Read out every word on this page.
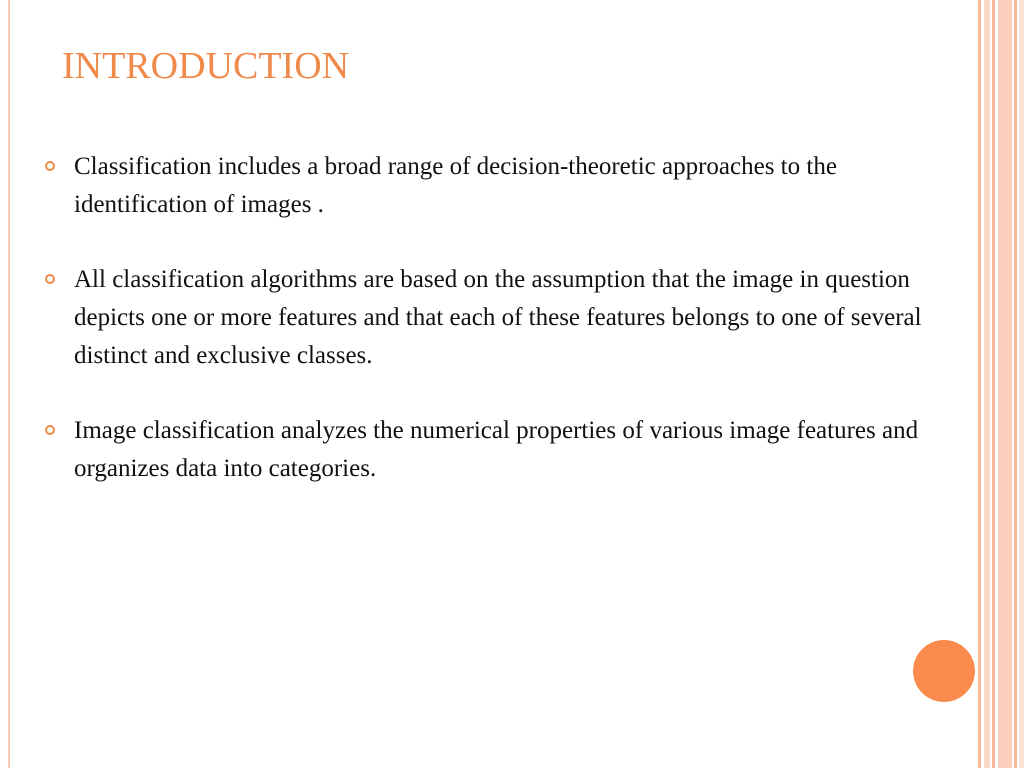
INTRODUCTION
Classification includes a broad range of decision-theoretic approaches to the identification of images .
All classification algorithms are based on the assumption that the image in question depicts one or more features and that each of these features belongs to one of several distinct and exclusive classes.
Image classification analyzes the numerical properties of various image features and organizes data into categories.
